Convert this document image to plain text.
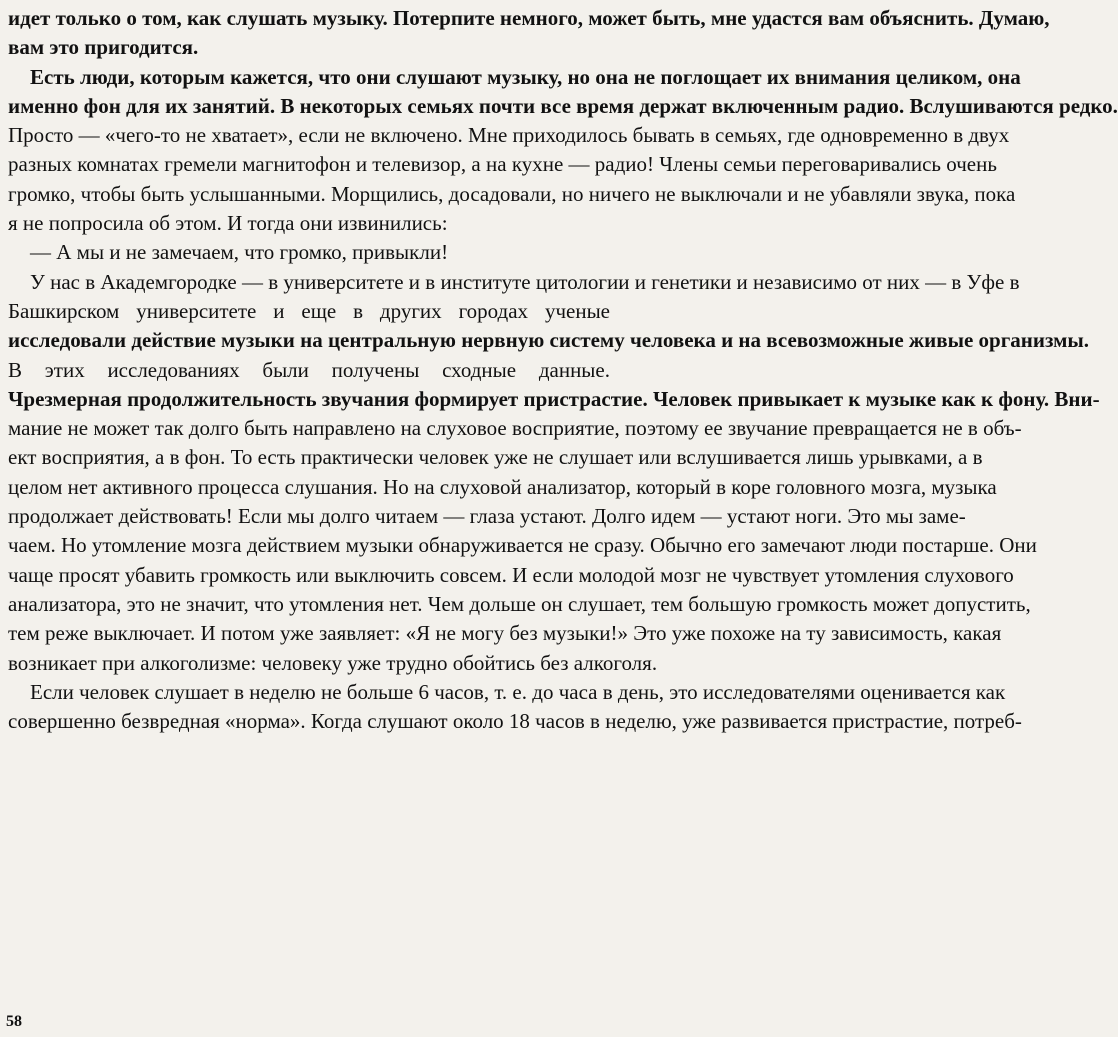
идет только о том, как слушать музыку. Потерпите немного, может быть, мне удастся вам объяснить. Думаю,
вам это пригодится.
Есть люди, которым кажется, что они слушают музыку, но она не поглощает их внимания целиком, она
именно фон для их занятий. В некоторых семьях почти все время держат включенным радио. Вслушиваются редко.
Просто — «чего-то не хватает», если не включено. Мне приходилось бывать в семьях, где одновременно в двух
разных комнатах гремели магнитофон и телевизор, а на кухне — радио! Члены семьи переговаривались очень
громко, чтобы быть услышанными. Морщились, досадовали, но ничего не выключали и не убавляли звука, пока
я не попросила об этом. И тогда они извинились:
— А мы и не замечаем, что громко, привыкли!
У нас в Академгородке — в университете и в институте цитологии и генетики и независимо от них — в Уфе в
Башкирском университете и еще в других городах ученые
исследовали действие музыки на центральную нервную систему человека и на всевозможные живые организмы.
В этих исследованиях были получены сходные данные.
Чрезмерная продолжительность звучания формирует пристрастие. Человек привыкает к музыке как к фону. Вни-
мание не может так долго быть направлено на слуховое восприятие, поэтому ее звучание превращается не в объ-
ект восприятия, а в фон. То есть практически человек уже не слушает или вслушивается лишь урывками, а в
целом нет активного процесса слушания. Но на слуховой анализатор, который в коре головного мозга, музыка
продолжает действовать! Если мы долго читаем — глаза устают. Долго идем — устают ноги. Это мы заме-
чаем. Но утомление мозга действием музыки обнаруживается не сразу. Обычно его замечают люди постарше. Они
чаще просят убавить громкость или выключить совсем. И если молодой мозг не чувствует утомления слухового
анализатора, это не значит, что утомления нет. Чем дольше он слушает, тем большую громкость может допустить,
тем реже выключает. И потом уже заявляет: «Я не могу без музыки!» Это уже похоже на ту зависимость, какая
возникает при алкоголизме: человеку уже трудно обойтись без алкоголя.
Если человек слушает в неделю не больше 6 часов, т. е. до часа в день, это исследователями оценивается как
совершенно безвредная «норма». Когда слушают около 18 часов в неделю, уже развивается пристрастие, потреб-
58
